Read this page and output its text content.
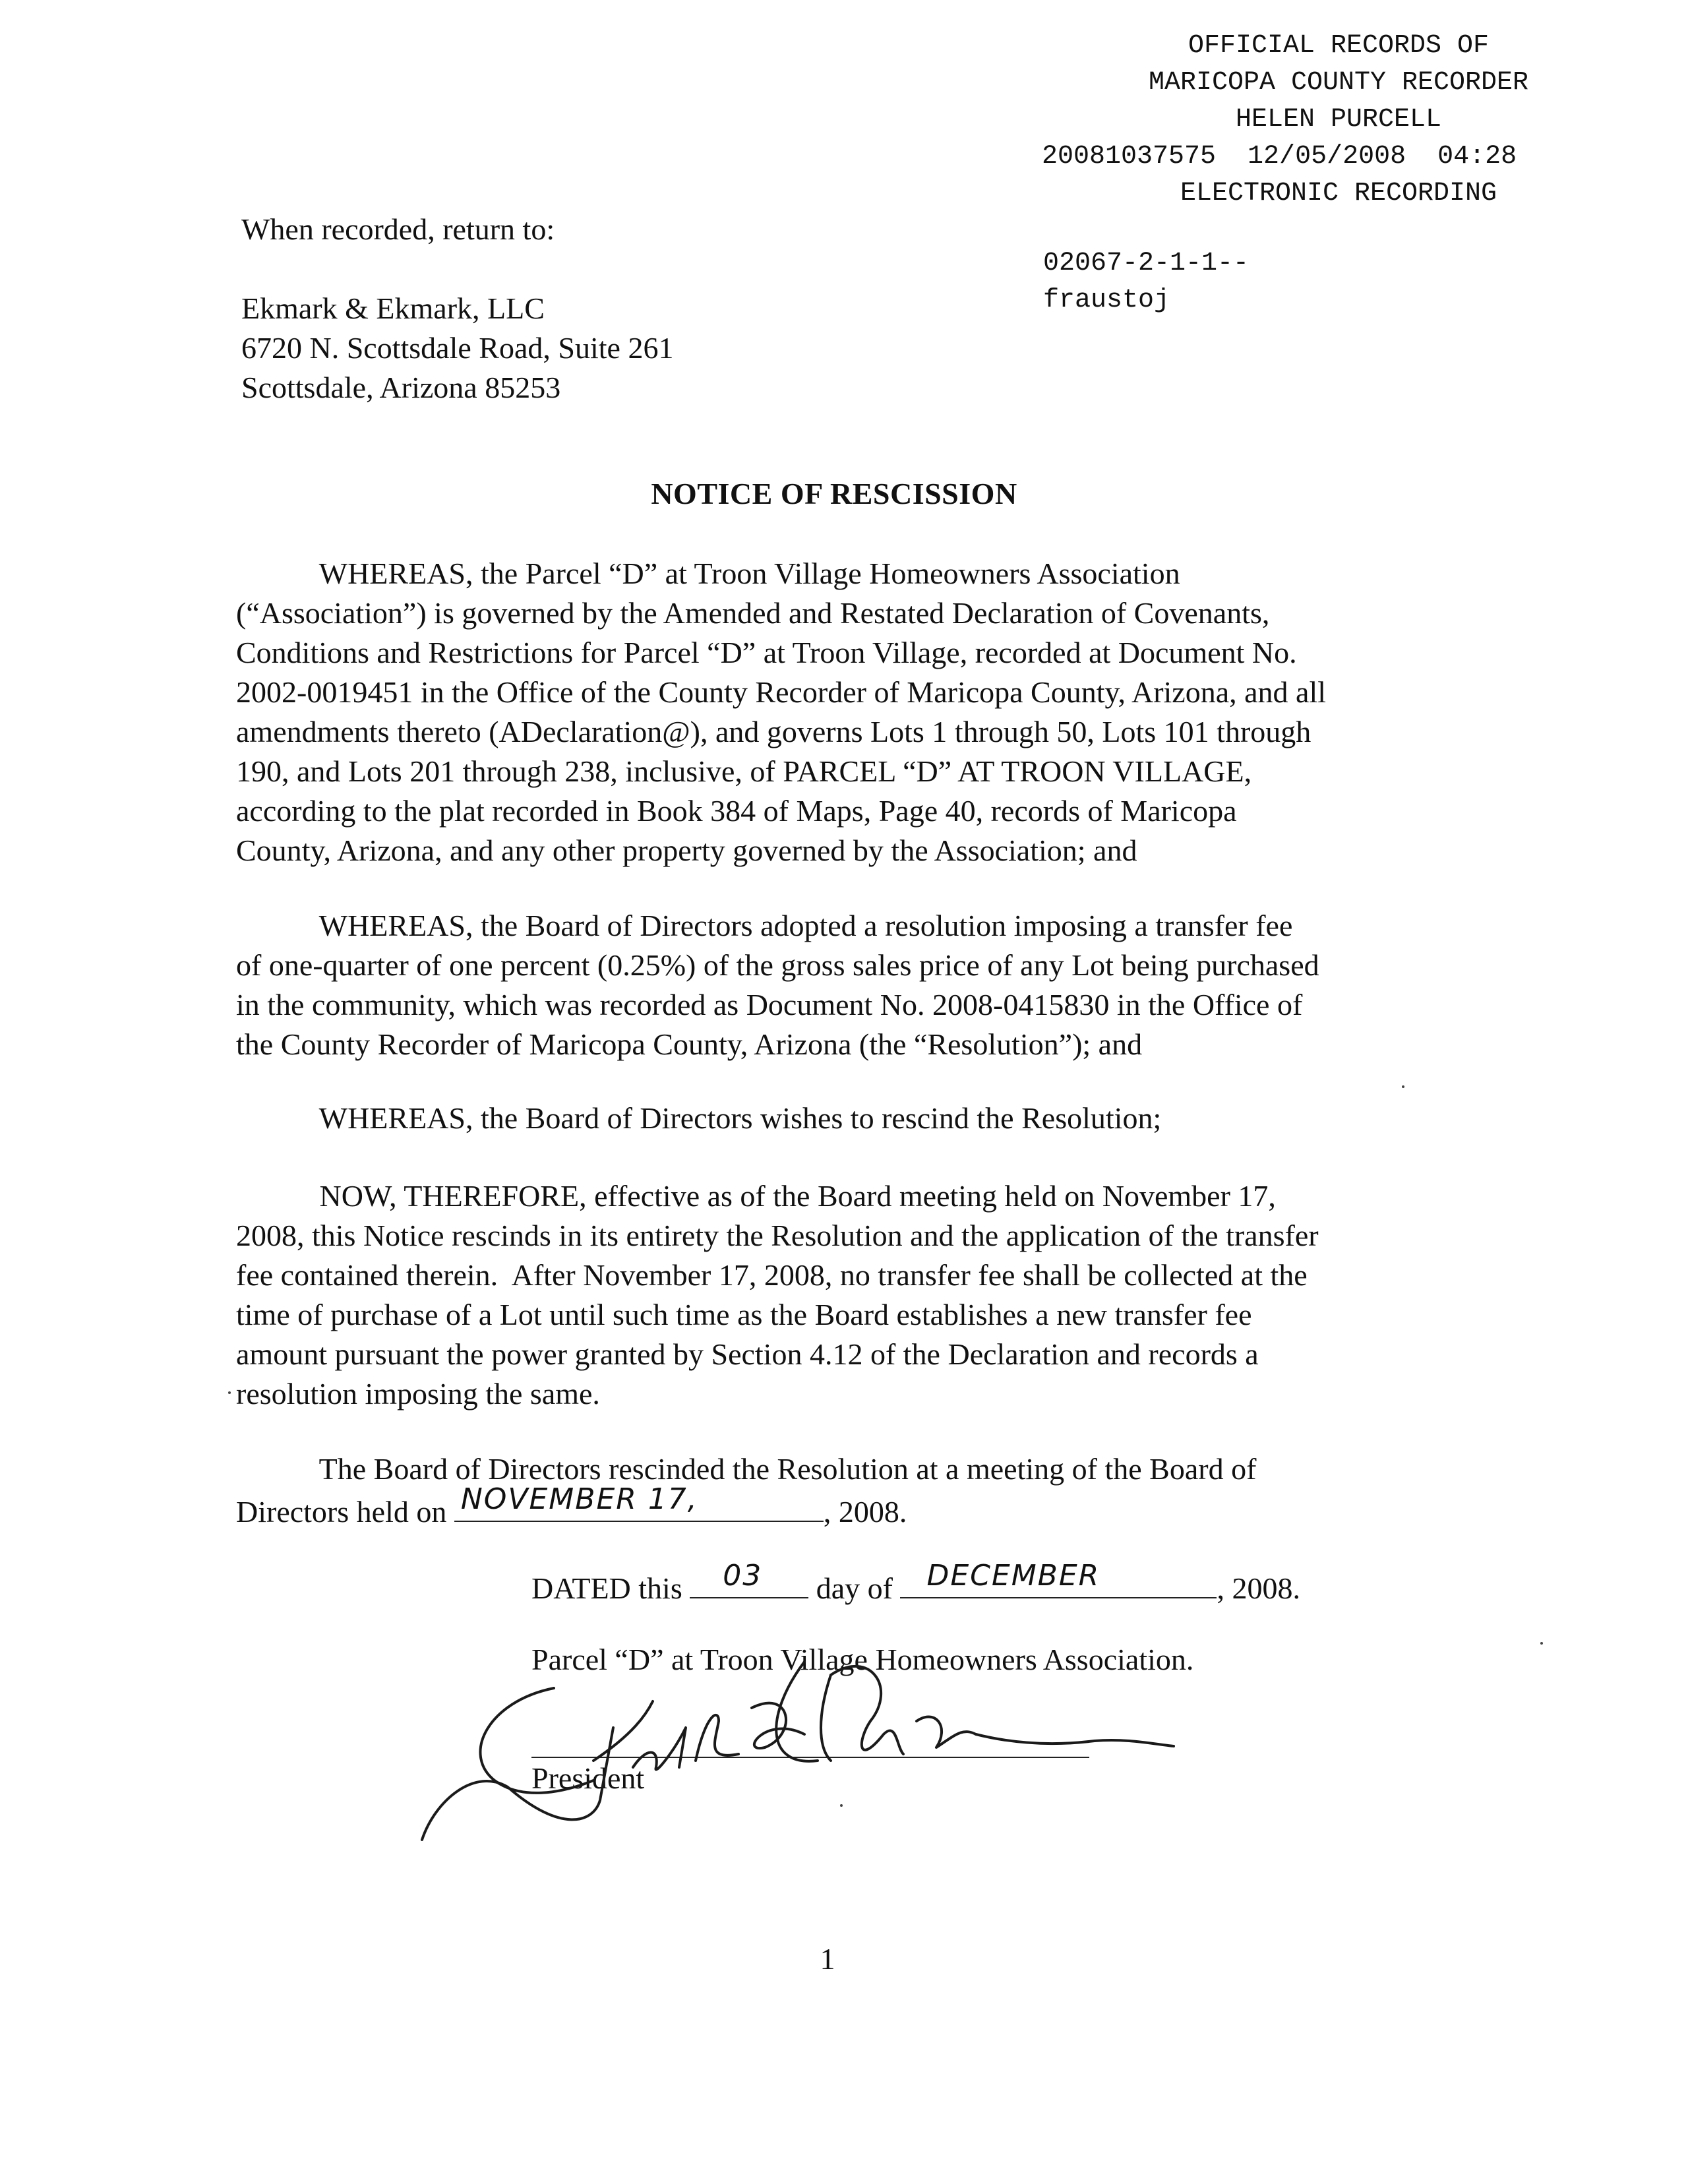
OFFICIAL RECORDS OF
MARICOPA COUNTY RECORDER
HELEN PURCELL
20081037575  12/05/2008  04:28
ELECTRONIC RECORDING
02067-2-1-1--
fraustoj
When recorded, return to:
Ekmark & Ekmark, LLC
6720 N. Scottsdale Road, Suite 261
Scottsdale, Arizona 85253
NOTICE OF RESCISSION
WHEREAS, the Parcel “D” at Troon Village Homeowners Association
(“Association”) is governed by the Amended and Restated Declaration of Covenants,
Conditions and Restrictions for Parcel “D” at Troon Village, recorded at Document No.
2002-0019451 in the Office of the County Recorder of Maricopa County, Arizona, and all
amendments thereto (ADeclaration@), and governs Lots 1 through 50, Lots 101 through
190, and Lots 201 through 238, inclusive, of PARCEL “D” AT TROON VILLAGE,
according to the plat recorded in Book 384 of Maps, Page 40, records of Maricopa
County, Arizona, and any other property governed by the Association; and
WHEREAS, the Board of Directors adopted a resolution imposing a transfer fee
of one-quarter of one percent (0.25%) of the gross sales price of any Lot being purchased
in the community, which was recorded as Document No. 2008-0415830 in the Office of
the County Recorder of Maricopa County, Arizona (the “Resolution”); and
WHEREAS, the Board of Directors wishes to rescind the Resolution;
NOW, THEREFORE, effective as of the Board meeting held on November 17,
2008, this Notice rescinds in its entirety the Resolution and the application of the transfer
fee contained therein.  After November 17, 2008, no transfer fee shall be collected at the
time of purchase of a Lot until such time as the Board establishes a new transfer fee
amount pursuant the power granted by Section 4.12 of the Declaration and records a
resolution imposing the same.
The Board of Directors rescinded the Resolution at a meeting of the Board of
Directors held on NOVEMBER 17,	, 2008.
DATED this 03 day of DECEMBER	, 2008.
Parcel “D” at Troon Village Homeowners Association.
President
1
